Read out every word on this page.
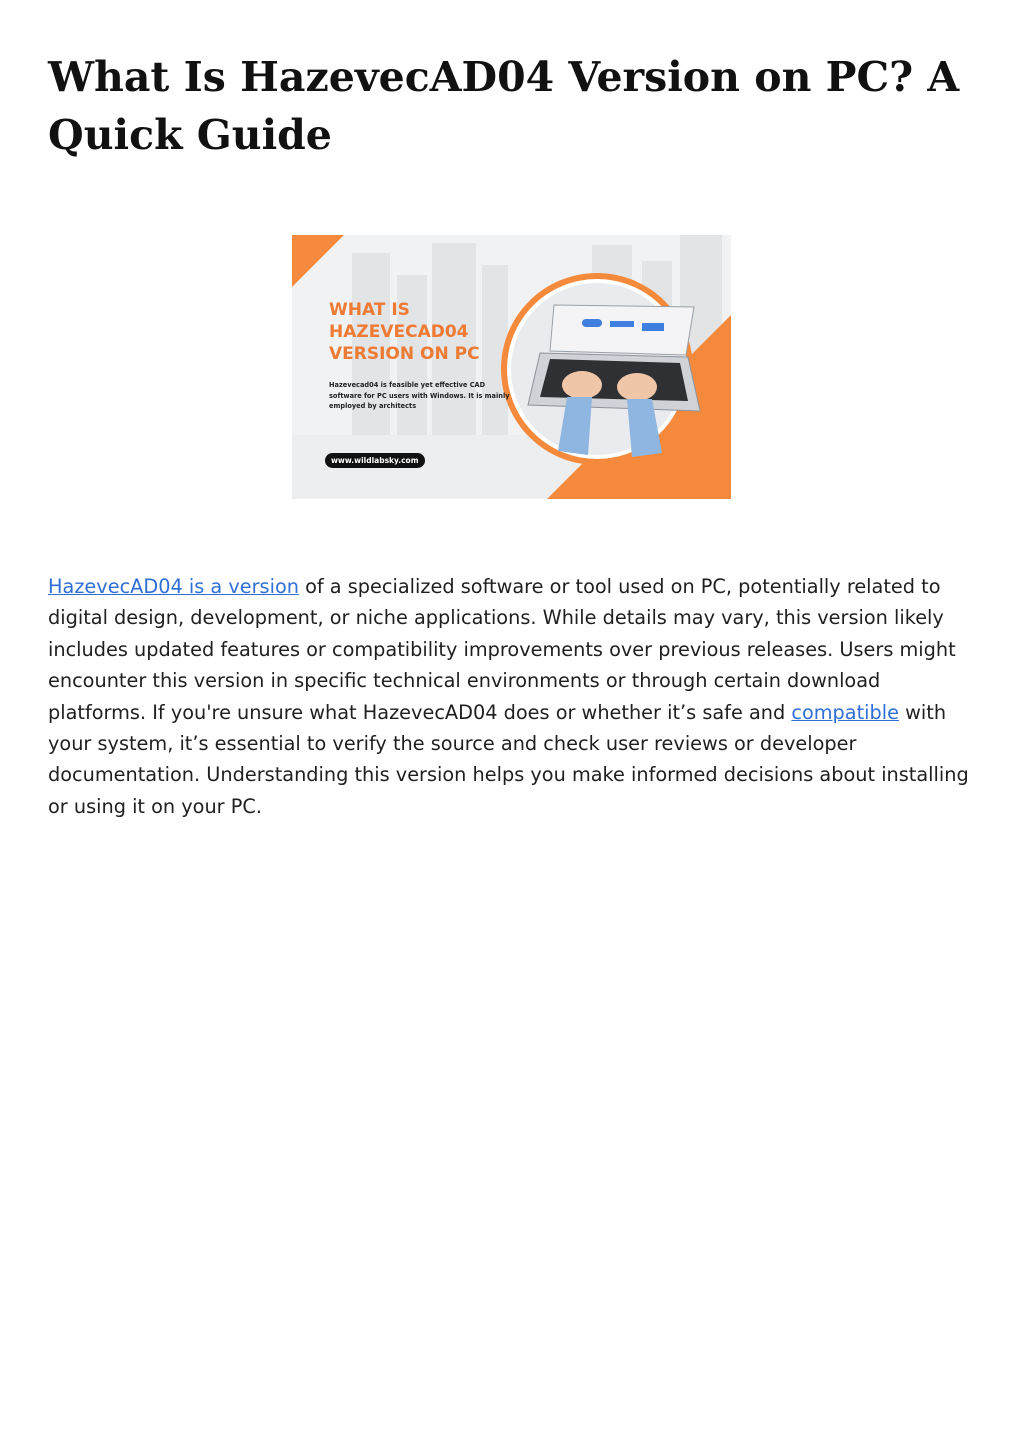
What Is HazevecAD04 Version on PC? A Quick Guide

WHAT IS HAZEVECAD04 VERSION ON PC

Hazevecad04 is feasible yet effective CAD software for PC users with Windows. It is mainly employed by architects

www.wildlabsky.com

HazevecAD04 is a version of a specialized software or tool used on PC, potentially related to digital design, development, or niche applications. While details may vary, this version likely includes updated features or compatibility improvements over previous releases. Users might encounter this version in specific technical environments or through certain download platforms. If you're unsure what HazevecAD04 does or whether it’s safe and compatible with your system, it’s essential to verify the source and check user reviews or developer documentation. Understanding this version helps you make informed decisions about installing or using it on your PC.
